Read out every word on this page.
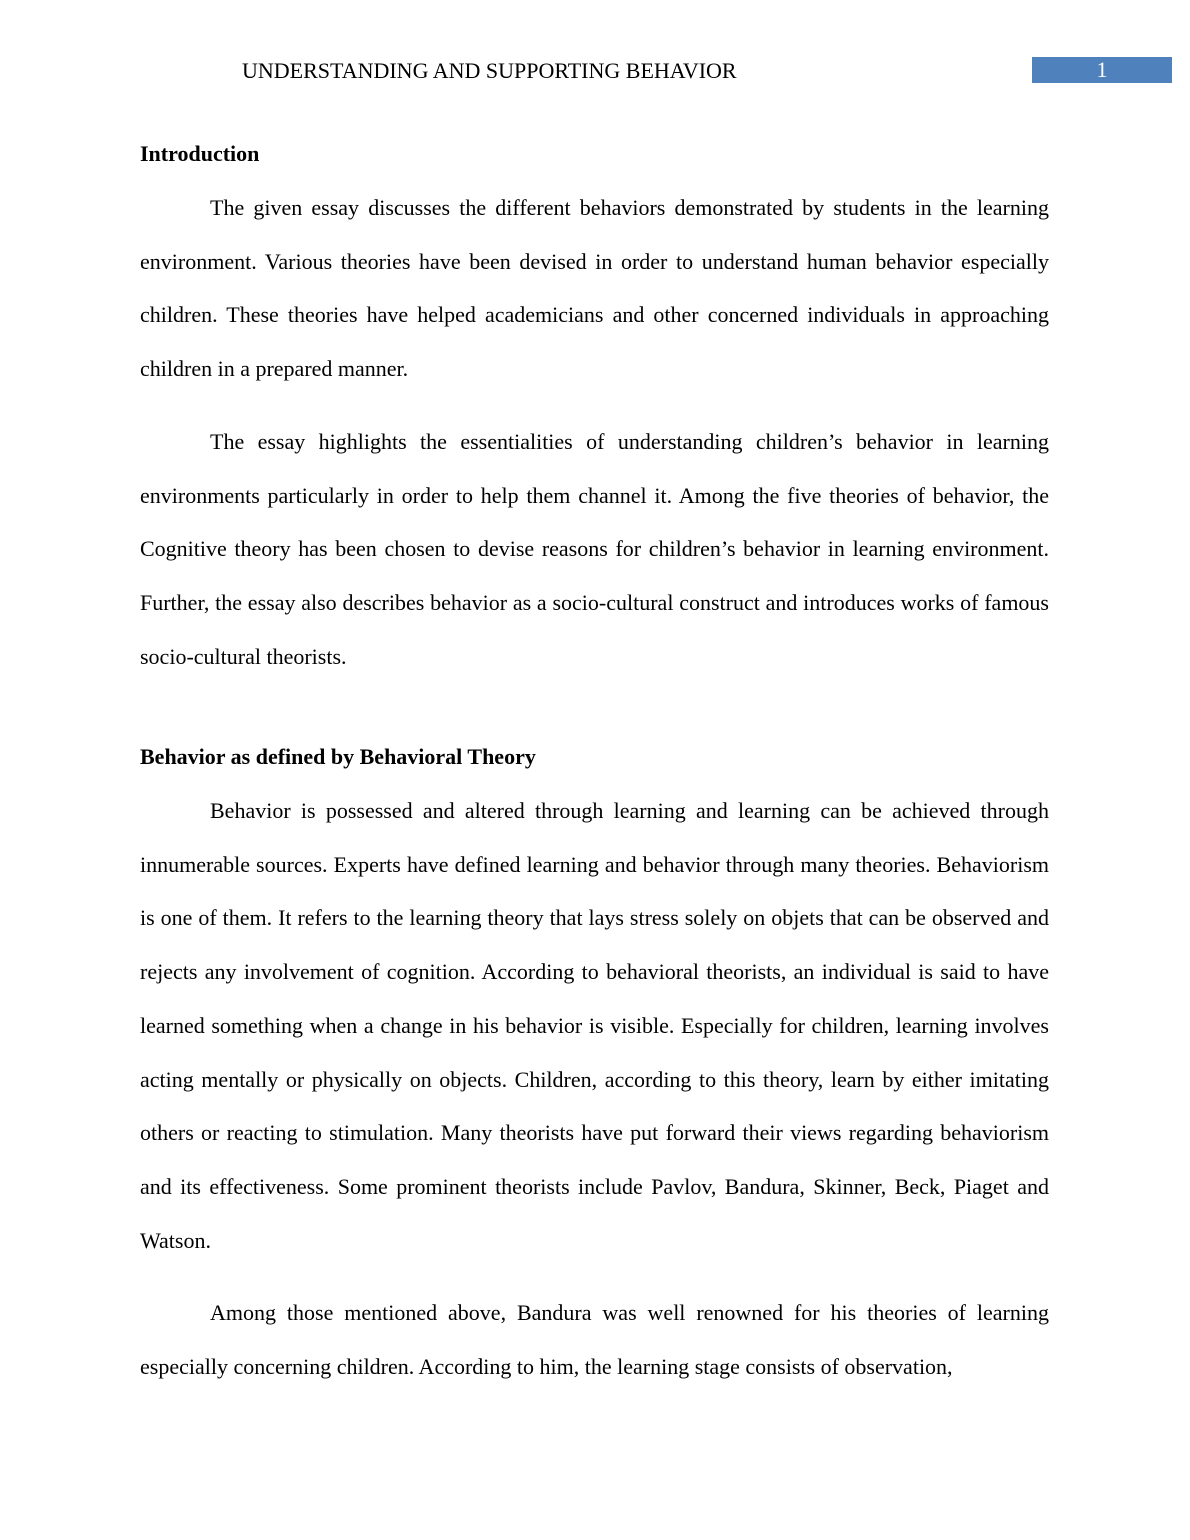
UNDERSTANDING AND SUPPORTING BEHAVIOR	1
Introduction

The given essay discusses the different behaviors demonstrated by students in the learning environment. Various theories have been devised in order to understand human behavior especially children. These theories have helped academicians and other concerned individuals in approaching children in a prepared manner.

The essay highlights the essentialities of understanding children’s behavior in learning environments particularly in order to help them channel it. Among the five theories of behavior, the Cognitive theory has been chosen to devise reasons for children’s behavior in learning environment. Further, the essay also describes behavior as a socio-cultural construct and introduces works of famous socio-cultural theorists.

Behavior as defined by Behavioral Theory

Behavior is possessed and altered through learning and learning can be achieved through innumerable sources. Experts have defined learning and behavior through many theories. Behaviorism is one of them. It refers to the learning theory that lays stress solely on objets that can be observed and rejects any involvement of cognition. According to behavioral theorists, an individual is said to have learned something when a change in his behavior is visible. Especially for children, learning involves acting mentally or physically on objects. Children, according to this theory, learn by either imitating others or reacting to stimulation. Many theorists have put forward their views regarding behaviorism and its effectiveness. Some prominent theorists include Pavlov, Bandura, Skinner, Beck, Piaget and Watson.

Among those mentioned above, Bandura was well renowned for his theories of learning especially concerning children. According to him, the learning stage consists of observation,
